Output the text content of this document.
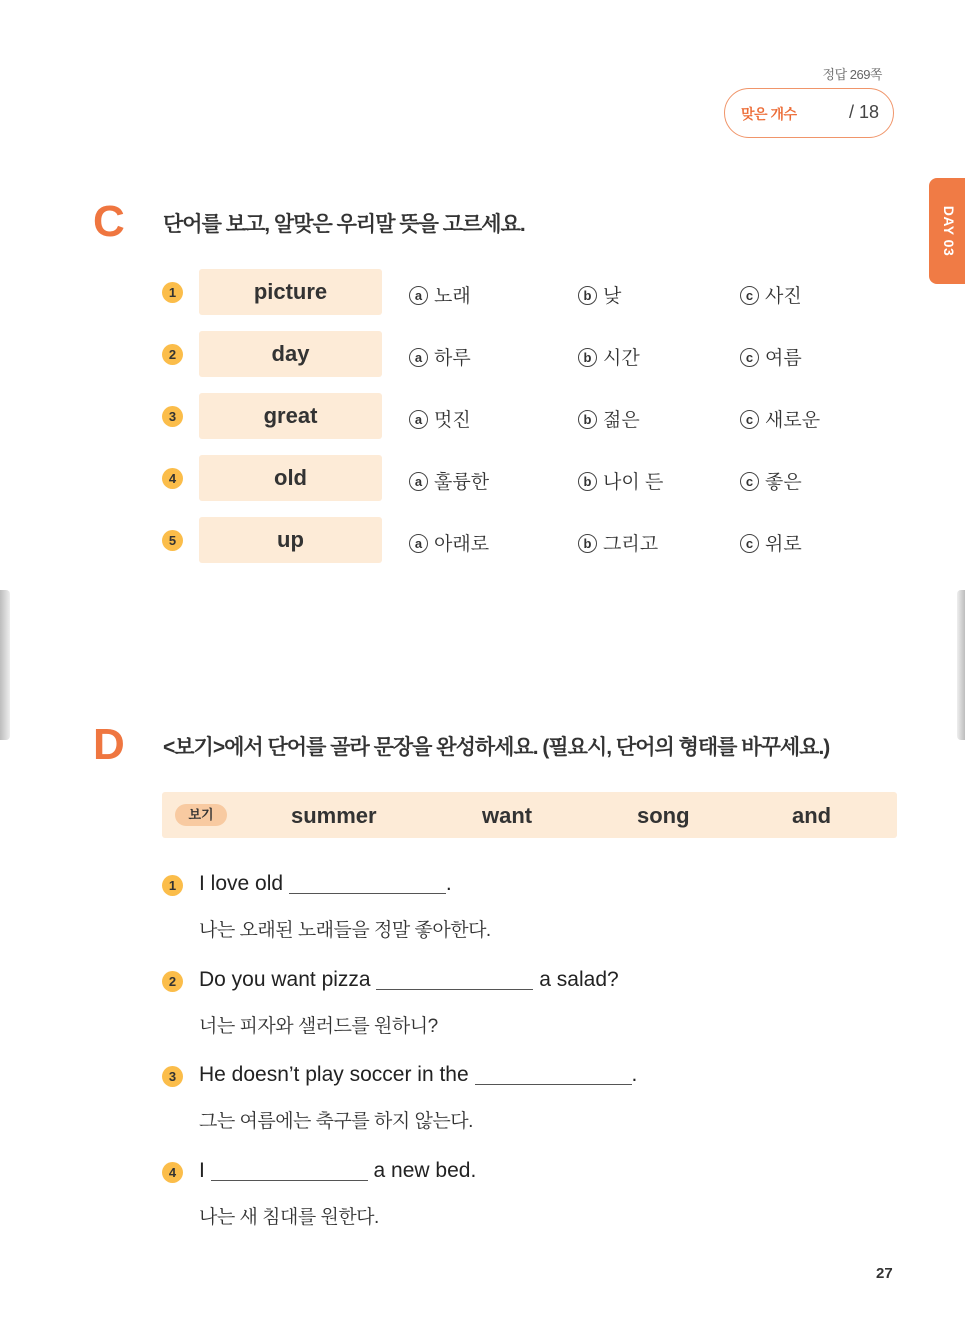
정답 269쪽
맞은 개수	/ 18
DAY 03
C 단어를 보고, 알맞은 우리말 뜻을 고르세요.
1	picture	a 노래	b 낮	c 사진
2	day	a 하루	b 시간	c 여름
3	great	a 멋진	b 젊은	c 새로운
4	old	a 훌륭한	b 나이 든	c 좋은
5	up	a 아래로	b 그리고	c 위로
D <보기>에서 단어를 골라 문장을 완성하세요. (필요시, 단어의 형태를 바꾸세요.)
보기	summer	want	song	and
1	I love old	.
나는 오래된 노래들을 정말 좋아한다.
2	Do you want pizza	a salad?
너는 피자와 샐러드를 원하니?
3	He doesn’t play soccer in the	.
그는 여름에는 축구를 하지 않는다.
4	I	a new bed.
나는 새 침대를 원한다.
27
